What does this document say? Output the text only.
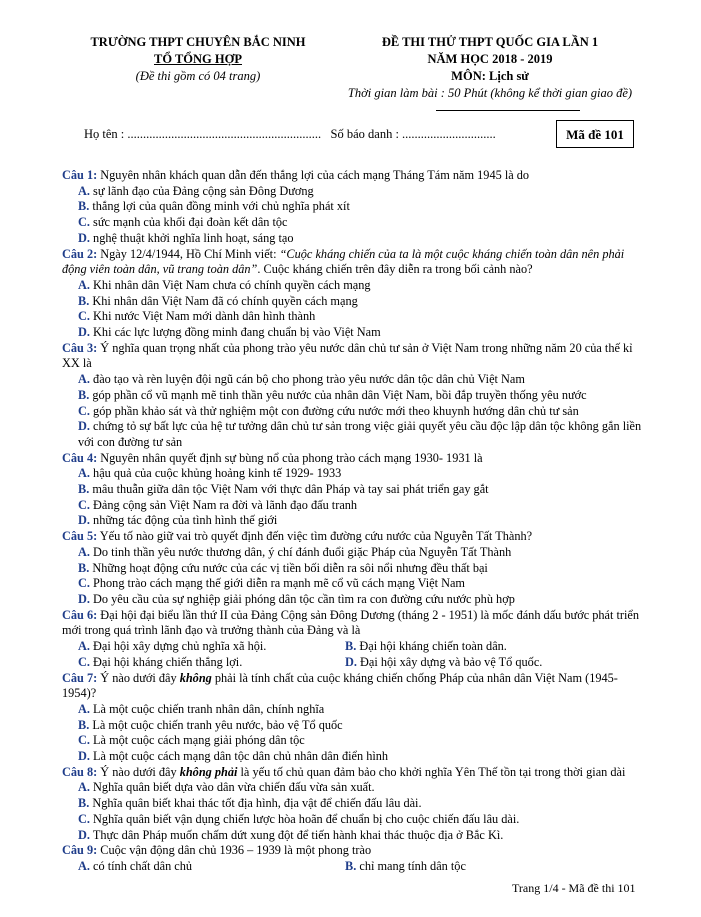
TRƯỜNG THPT CHUYÊN BẮC NINH
TỔ TỔNG HỢP
(Đề thi gồm có 04 trang)
ĐỀ THI THỬ THPT QUỐC GIA LẦN 1
NĂM HỌC 2018 - 2019
MÔN: Lịch sử
Thời gian làm bài : 50 Phút (không kể thời gian giao đề)
Họ tên : .............................................................. Số báo danh : ..............................	Mã đề 101
Câu 1: Nguyên nhân khách quan dẫn đến thắng lợi của cách mạng Tháng Tám năm 1945 là do
A. sự lãnh đạo của Đảng cộng sản Đông Dương
B. thắng lợi của quân đồng minh với chủ nghĩa phát xít
C. sức mạnh của khối đại đoàn kết dân tộc
D. nghệ thuật khởi nghĩa linh hoạt, sáng tạo
Câu 2: Ngày 12/4/1944, Hồ Chí Minh viết: “Cuộc kháng chiến của ta là một cuộc kháng chiến toàn dân nên phải động viên toàn dân, vũ trang toàn dân”. Cuộc kháng chiến trên đây diễn ra trong bối cảnh nào?
A. Khi nhân dân Việt Nam chưa có chính quyền cách mạng
B. Khi nhân dân Việt Nam đã có chính quyền cách mạng
C. Khi nước Việt Nam mới dành dân hình thành
D. Khi các lực lượng đồng minh đang chuẩn bị vào Việt Nam
Câu 3: Ý nghĩa quan trọng nhất của phong trào yêu nước dân chủ tư sản ở Việt Nam trong những năm 20 của thế kỉ XX là
A. đào tạo và rèn luyện đội ngũ cán bộ cho phong trào yêu nước dân tộc dân chủ Việt Nam
B. góp phần cổ vũ mạnh mẽ tinh thần yêu nước của nhân dân Việt Nam, bồi đắp truyền thống yêu nước
C. góp phần khảo sát và thử nghiệm một con đường cứu nước mới theo khuynh hướng dân chủ tư sản
D. chứng tỏ sự bất lực của hệ tư tưởng dân chủ tư sản trong việc giải quyết yêu cầu độc lập dân tộc không gắn liền với con đường tư sản
Câu 4: Nguyên nhân quyết định sự bùng nổ của phong trào cách mạng 1930- 1931 là
A. hậu quả của cuộc khủng hoảng kinh tế 1929- 1933
B. mâu thuẫn giữa dân tộc Việt Nam với thực dân Pháp và tay sai phát triển gay gắt
C. Đảng cộng sản Việt Nam ra đời và lãnh đạo đấu tranh
D. những tác động của tình hình thế giới
Câu 5: Yếu tố nào giữ vai trò quyết định đến việc tìm đường cứu nước của Nguyễn Tất Thành?
A. Do tinh thần yêu nước thương dân, ý chí đánh đuổi giặc Pháp của Nguyễn Tất Thành
B. Những hoạt động cứu nước của các vị tiền bối diễn ra sôi nổi nhưng đều thất bại
C. Phong trào cách mạng thế giới diễn ra mạnh mẽ cổ vũ cách mạng Việt Nam
D. Do yêu cầu của sự nghiệp giải phóng dân tộc cần tìm ra con đường cứu nước phù hợp
Câu 6: Đại hội đại biểu lần thứ II của Đảng Cộng sản Đông Dương (tháng 2 - 1951) là mốc đánh dấu bước phát triển mới trong quá trình lãnh đạo và trưởng thành của Đảng và là
A. Đại hội xây dựng chủ nghĩa xã hội.	B. Đại hội kháng chiến toàn dân.
C. Đại hội kháng chiến thắng lợi.	D. Đại hội xây dựng và bảo vệ Tổ quốc.
Câu 7: Ý nào dưới đây không phải là tính chất của cuộc kháng chiến chống Pháp của nhân dân Việt Nam (1945- 1954)?
A. Là một cuộc chiến tranh nhân dân, chính nghĩa
B. Là một cuộc chiến tranh yêu nước, bảo vệ Tổ quốc
C. Là một cuộc cách mạng giải phóng dân tộc
D. Là một cuộc cách mạng dân tộc dân chủ nhân dân điển hình
Câu 8: Ý nào dưới đây không phải là yếu tố chủ quan đảm bảo cho khởi nghĩa Yên Thế tồn tại trong thời gian dài
A. Nghĩa quân biết dựa vào dân vừa chiến đấu vừa sản xuất.
B. Nghĩa quân biết khai thác tốt địa hình, địa vật để chiến đấu lâu dài.
C. Nghĩa quân biết vận dụng chiến lược hòa hoãn để chuẩn bị cho cuộc chiến đấu lâu dài.
D. Thực dân Pháp muốn chấm dứt xung đột để tiến hành khai thác thuộc địa ở Bắc Kì.
Câu 9: Cuộc vận động dân chủ 1936 – 1939 là một phong trào
A. có tính chất dân chủ	B. chỉ mang tính dân tộc
Trang 1/4 - Mã đề thi 101
